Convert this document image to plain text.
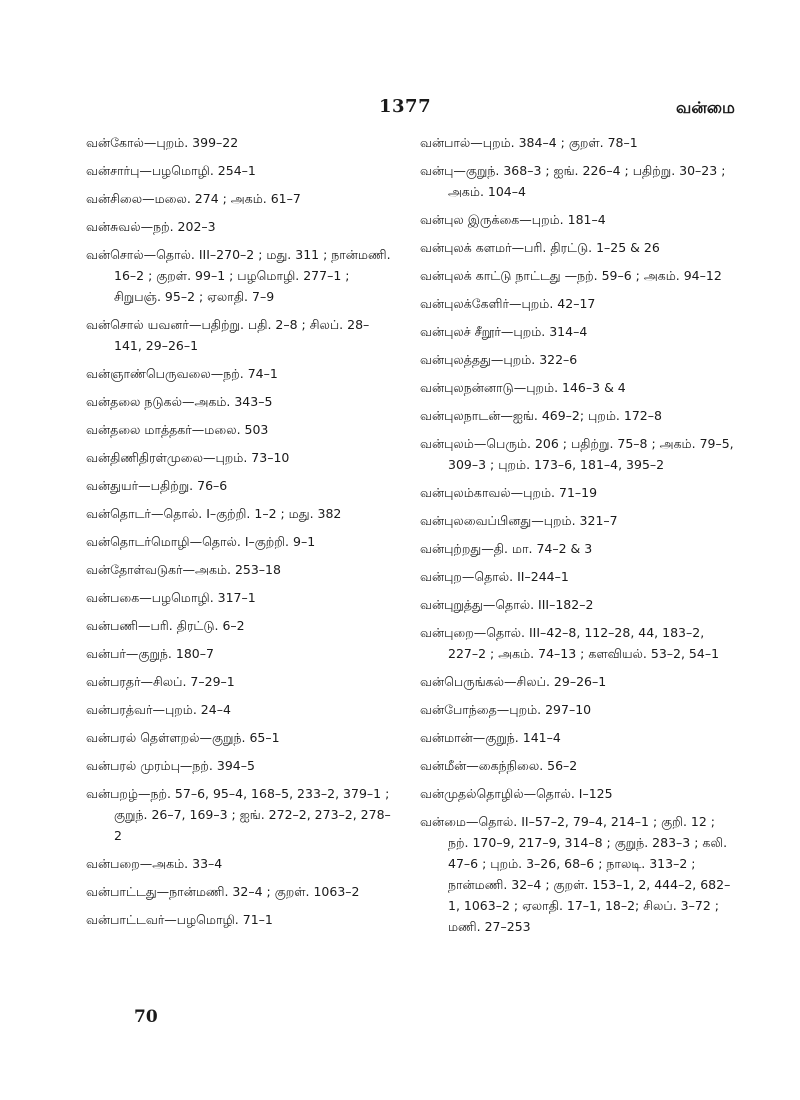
1377	வன்மை
வன்கோல்—புறம். 399–22
வன்சார்பு—பழமொழி. 254–1
வன்சிலை—மலை. 274 ; அகம். 61–7
வன்சுவல்—நற். 202–3
வன்சொல்—தொல். III–270–2 ; மது. 311 ; நான்மணி. 16–2 ; குறள். 99–1 ; பழமொழி. 277–1 ; சிறுபஞ். 95–2 ; ஏலாதி. 7–9
வன்சொல் யவனர்—பதிற்று. பதி. 2–8 ; சிலப். 28–141, 29–26–1
வன்ஞாண்பெருவலை—நற். 74–1
வன்தலை நடுகல்—அகம். 343–5
வன்தலை மாத்தகர்—மலை. 503
வன்திணிதிரள்முலை—புறம். 73–10
வன்துயர்—பதிற்று. 76–6
வன்தொடர்—தொல். I–குற்றி. 1–2 ; மது. 382
வன்தொடர்மொழி—தொல். I–குற்றி. 9–1
வன்தோள்வடுகர்—அகம். 253–18
வன்பகை—பழமொழி. 317–1
வன்பணி—பரி. திரட்டு. 6–2
வன்பர்—குறுந். 180–7
வன்பரதர்—சிலப். 7–29–1
வன்பரத்வர்—புறம். 24–4
வன்பரல் தெள்ளறல்—குறுந். 65–1
வன்பரல் முரம்பு—நற். 394–5
வன்பறழ்—நற். 57–6, 95–4, 168–5, 233–2, 379–1 ; குறுந். 26–7, 169–3 ; ஐங். 272–2, 273–2, 278–2
வன்பறை—அகம். 33–4
வன்பாட்டது—நான்மணி. 32–4 ; குறள். 1063–2
வன்பாட்டவர்—பழமொழி. 71–1
வன்பால்—புறம். 384–4 ; குறள். 78–1
வன்பு—குறுந். 368–3 ; ஐங். 226–4 ; பதிற்று. 30–23 ; அகம். 104–4
வன்புல இருக்கை—புறம். 181–4
வன்புலக் களமர்—பரி. திரட்டு. 1–25 & 26
வன்புலக் காட்டு நாட்டது —நற். 59–6 ; அகம். 94–12
வன்புலக்கேளிர்—புறம். 42–17
வன்புலச் சீறூர்—புறம். 314–4
வன்புலத்தது—புறம். 322–6
வன்புலநன்னாடு—புறம். 146–3 & 4
வன்புலநாடன்—ஐங். 469–2; புறம். 172–8
வன்புலம்—பெரும். 206 ; பதிற்று. 75–8 ; அகம். 79–5, 309–3 ; புறம். 173–6, 181–4, 395–2
வன்புலம்காவல்—புறம். 71–19
வன்புலவைப்பினது—புறம். 321–7
வன்புற்றது—தி. மா. 74–2 & 3
வன்புற—தொல். II–244–1
வன்புறுத்து—தொல். III–182–2
வன்புறை—தொல். III–42–8, 112–28, 44, 183–2, 227–2 ; அகம். 74–13 ; களவியல். 53–2, 54–1
வன்பெருங்கல்—சிலப். 29–26–1
வன்போந்தை—புறம். 297–10
வன்மான்—குறுந். 141–4
வன்மீன்—கைந்நிலை. 56–2
வன்முதல்தொழில்—தொல். I–125
வன்மை—தொல். II–57–2, 79–4, 214–1 ; குறி. 12 ; நற். 170–9, 217–9, 314–8 ; குறுந். 283–3 ; கலி. 47–6 ; புறம். 3–26, 68–6 ; நாலடி. 313–2 ; நான்மணி. 32–4 ; குறள். 153–1, 2, 444–2, 682–1, 1063–2 ; ஏலாதி. 17–1, 18–2; சிலப். 3–72 ; மணி. 27–253
70
